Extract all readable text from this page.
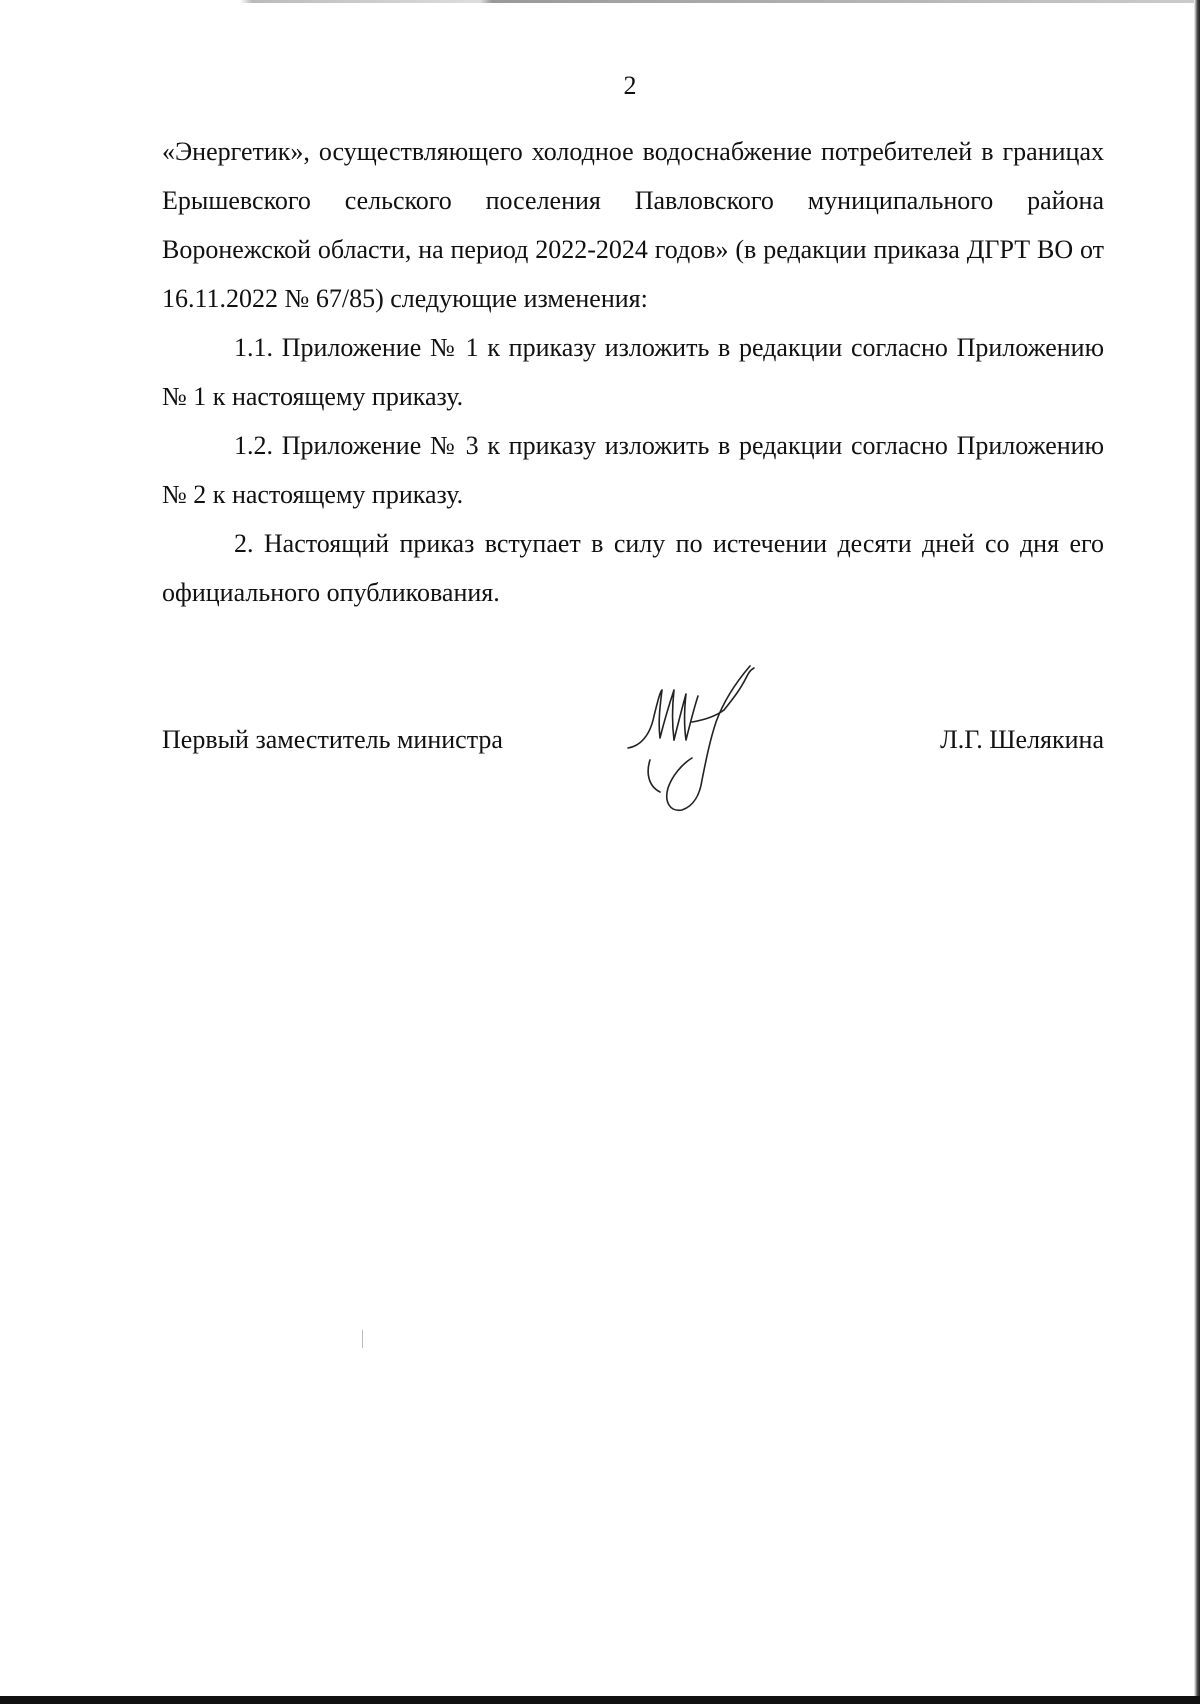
2

«Энергетик», осуществляющего холодное водоснабжение потребителей в границах Ерышевского сельского поселения Павловского муниципального района Воронежской области, на период 2022-2024 годов» (в редакции приказа ДГРТ ВО от 16.11.2022 № 67/85) следующие изменения:

1.1. Приложение № 1 к приказу изложить в редакции согласно Приложению № 1 к настоящему приказу.

1.2. Приложение № 3 к приказу изложить в редакции согласно Приложению № 2 к настоящему приказу.

2. Настоящий приказ вступает в силу по истечении десяти дней со дня его официального опубликования.

Первый заместитель министра	Л.Г. Шелякина
